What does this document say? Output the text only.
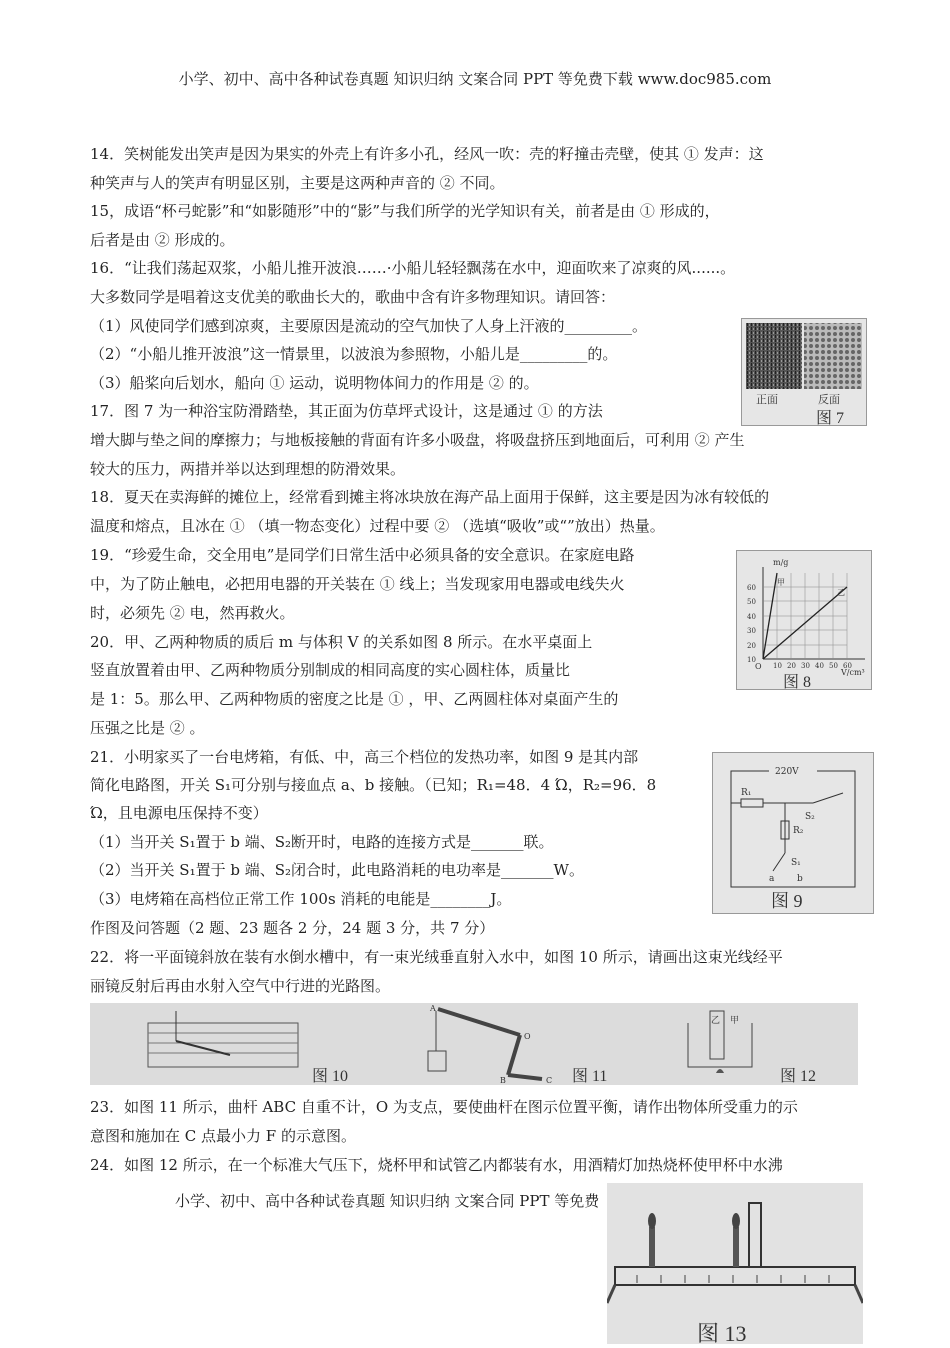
小学、初中、高中各种试卷真题 知识归纳 文案合同 PPT 等免费下载 www.doc985.com
14．笑树能发出笑声是因为果实的外壳上有许多小孔，经风一吹：壳的籽撞击壳壁，使其 ① 发声：这
种笑声与人的笑声有明显区别，主要是这两种声音的 ② 不同。
15，成语“杯弓蛇影”和“如影随形”中的“影”与我们所学的光学知识有关，前者是由 ① 形成的，
后者是由 ② 形成的。
16．“让我们荡起双浆，小船儿推开波浪……·小船儿轻轻飘荡在水中，迎面吹来了凉爽的风......。
大多数同学是唱着这支优美的歌曲长大的，歌曲中含有许多物理知识。请回答：
（1）风使同学们感到凉爽，主要原因是流动的空气加快了人身上汗液的_________。
（2）“小船儿推开波浪”这一情景里，以波浪为参照物，小船儿是_________的。
（3）船桨向后划水，船向 ① 运动，说明物体间力的作用是 ② 的。
17．图 7 为一种浴宝防滑踏垫，其正面为仿草坪式设计，这是通过 ① 的方法
增大脚与垫之间的摩擦力；与地板接触的背面有许多小吸盘，将吸盘挤压到地面后，可利用 ② 产生
较大的压力，两措并举以达到理想的防滑效果。
18．夏天在卖海鲜的摊位上，经常看到摊主将冰块放在海产品上面用于保鲜，这主要是因为冰有较低的
温度和熔点，且冰在 ① （填一物态变化）过程中要 ② （选填“吸收”或“”放出）热量。
19．“珍爱生命，交全用电”是同学们日常生活中必须具备的安全意识。在家庭电路
中，为了防止触电，必把用电器的开关装在 ① 线上；当发现家用电器或电线失火
时，必须先 ② 电，然再救火。
20．甲、乙两种物质的质后 m 与体积 V 的关系如图 8 所示。在水平桌面上
竖直放置着由甲、乙两种物质分别制成的相同高度的实心圆柱体，质量比
是 1：5。那么甲、乙两种物质的密度之比是 ① ，甲、乙两圆柱体对桌面产生的
压强之比是 ② 。
21．小明家买了一台电烤箱，有低、中，高三个档位的发热功率，如图 9 是其内部
简化电路图，开关 S₁可分别与接血点 a、b 接触。（已知；R₁=48．4 Ώ，R₂=96．8
Ώ，且电源电压保持不变）
（1）当开关 S₁置于 b 端、S₂断开时，电路的连接方式是_______联。
（2）当开关 S₁置于 b 端、S₂闭合时，此电路消耗的电功率是_______W。
（3）电烤箱在高档位正常工作 100s 消耗的电能是________J。
作图及问答题（2 题、23 题各 2 分，24 题 3 分，共 7 分）
22．将一平面镜斜放在装有水倒水槽中，有一束光绒垂直射入水中，如图 10 所示，请画出这束光线经平
丽镜反射后再由水射入空气中行进的光路图。
23．如图 11 所示，曲杆 ABC 自重不计，O 为支点，要使曲杆在图示位置平衡，请作出物体所受重力的示
意图和施加在 C 点最小力 F 的示意图。
24．如图 12 所示，在一个标准大气压下，烧杯甲和试管乙内都装有水，用酒精灯加热烧杯使甲杯中水沸
小学、初中、高中各种试卷真题 知识归纳 文案合同 PPT 等免费
正面	反面
图 7
m/g
V/cm³
60
50
40
30
20
10
O 10 20 30 40 50 60
甲
乙
图 8
220V
R₁
S₂
R₂
S₁
a	b
图 9
A
B	C
O
乙 甲
图 10	图 11	图 12
图 13
